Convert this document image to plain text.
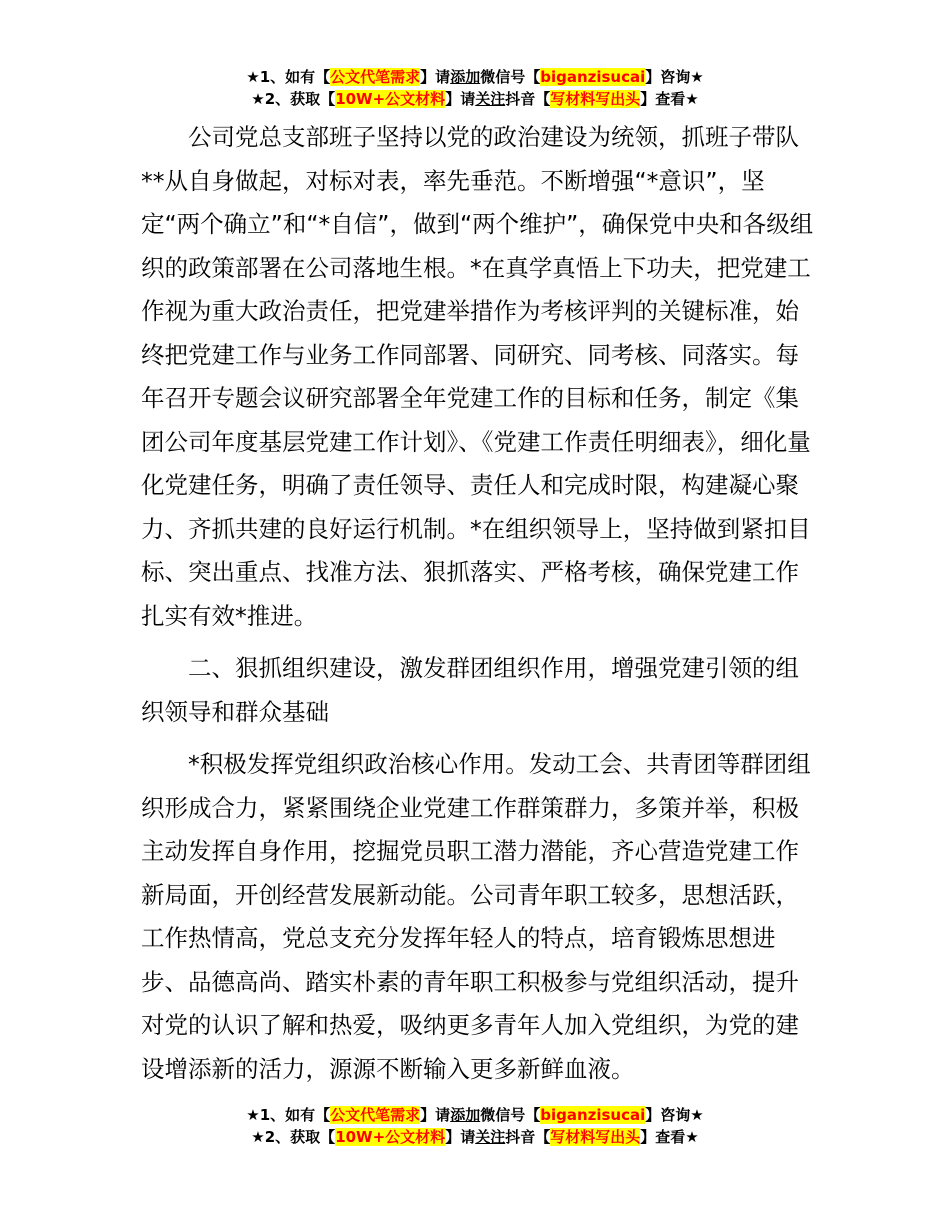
★1、如有【公文代笔需求】请添加微信号【biganzisucai】咨询★
★2、获取【10W+公文材料】请关注抖音【写材料写出头】查看★

公司党总支部班子坚持以党的政治建设为统领，抓班子带队**从自身做起，对标对表，率先垂范。不断增强“*意识”，坚定“两个确立”和“*自信”，做到“两个维护”，确保党中央和各级组织的政策部署在公司落地生根。*在真学真悟上下功夫，把党建工作视为重大政治责任，把党建举措作为考核评判的关键标准，始终把党建工作与业务工作同部署、同研究、同考核、同落实。每年召开专题会议研究部署全年党建工作的目标和任务，制定《集团公司年度基层党建工作计划》、《党建工作责任明细表》，细化量化党建任务，明确了责任领导、责任人和完成时限，构建凝心聚力、齐抓共建的良好运行机制。*在组织领导上，坚持做到紧扣目标、突出重点、找准方法、狠抓落实、严格考核，确保党建工作扎实有效*推进。

二、狠抓组织建设，激发群团组织作用，增强党建引领的组织领导和群众基础

*积极发挥党组织政治核心作用。发动工会、共青团等群团组织形成合力，紧紧围绕企业党建工作群策群力，多策并举，积极主动发挥自身作用，挖掘党员职工潜力潜能，齐心营造党建工作新局面，开创经营发展新动能。公司青年职工较多，思想活跃，工作热情高，党总支充分发挥年轻人的特点，培育锻炼思想进步、品德高尚、踏实朴素的青年职工积极参与党组织活动，提升对党的认识了解和热爱，吸纳更多青年人加入党组织，为党的建设增添新的活力，源源不断输入更多新鲜血液。

★1、如有【公文代笔需求】请添加微信号【biganzisucai】咨询★
★2、获取【10W+公文材料】请关注抖音【写材料写出头】查看★
